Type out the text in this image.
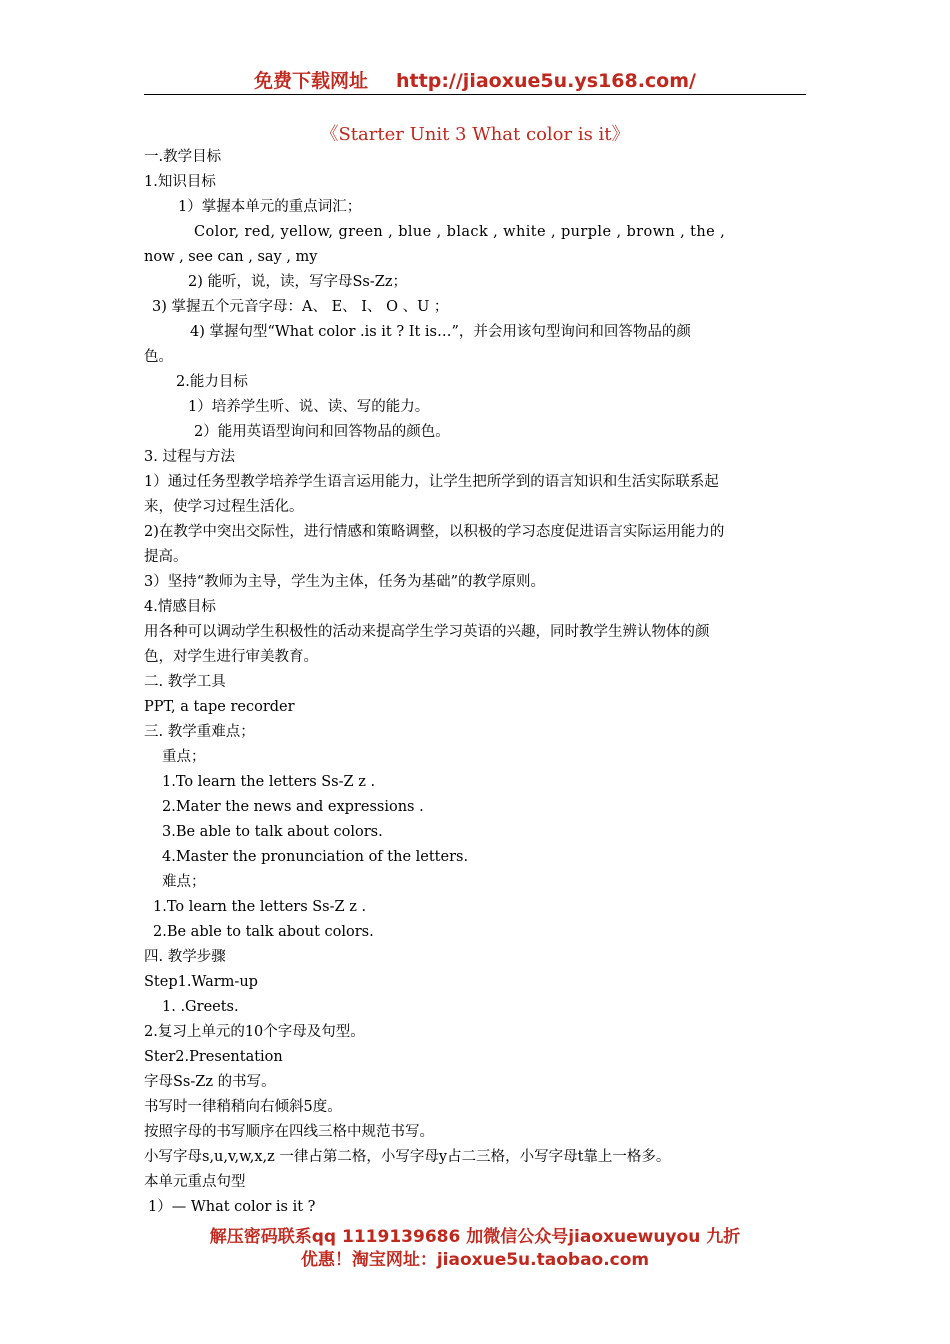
免费下载网址 http://jiaoxue5u.ys168.com/
《Starter Unit 3 What color is it》
一.教学目标
1.知识目标
1）掌握本单元的重点词汇；
Color, red, yellow, green , blue , black , white , purple , brown , the ,
now , see can , say , my
2) 能听，说，读，写字母Ss-Zz；
3) 掌握五个元音字母：A、 E、 I、 O 、U ；
4) 掌握句型“What color .is it ? It is…”，并会用该句型询问和回答物品的颜
色。
2.能力目标
1）培养学生听、说、读、写的能力。
2）能用英语型询问和回答物品的颜色。
3. 过程与方法
1）通过任务型教学培养学生语言运用能力，让学生把所学到的语言知识和生活实际联系起
来，使学习过程生活化。
2)在教学中突出交际性，进行情感和策略调整，以积极的学习态度促进语言实际运用能力的
提高。
3）坚持“教师为主导，学生为主体，任务为基础”的教学原则。
4.情感目标
用各种可以调动学生积极性的活动来提高学生学习英语的兴趣，同时教学生辨认物体的颜
色，对学生进行审美教育。
二. 教学工具
PPT, a tape recorder
三. 教学重难点；
重点；
1.To learn the letters Ss-Z z .
2.Mater the news and expressions .
3.Be able to talk about colors.
4.Master the pronunciation of the letters.
难点；
1.To learn the letters Ss-Z z .
2.Be able to talk about colors.
四. 教学步骤
Step1.Warm-up
1. .Greets.
2.复习上单元的10个字母及句型。
Ster2.Presentation
字母Ss-Zz 的书写。
书写时一律稍稍向右倾斜5度。
按照字母的书写顺序在四线三格中规范书写。
小写字母s,u,v,w,x,z 一律占第二格，小写字母y占二三格，小写字母t靠上一格多。
本单元重点句型
1）— What color is it ?
解压密码联系qq 1119139686 加微信公众号jiaoxuewuyou 九折
优惠！淘宝网址：jiaoxue5u.taobao.com
